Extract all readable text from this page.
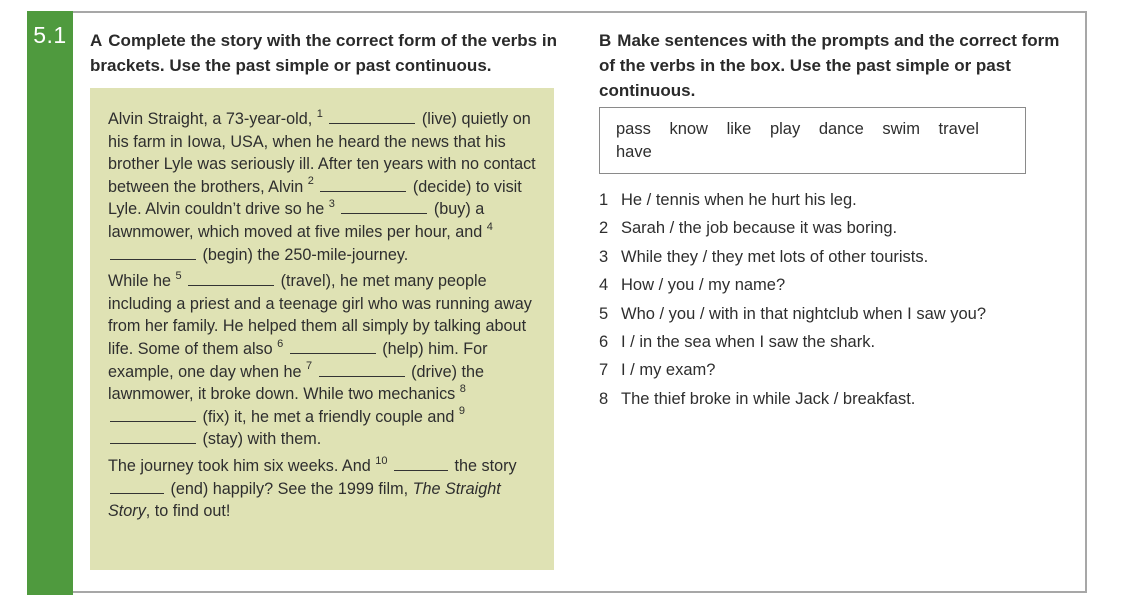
5.1	A Complete the story with the correct form of the verbs in brackets. Use the past simple or past continuous.
B Make sentences with the prompts and the correct form of the verbs in the box. Use the past simple or past continuous.

Alvin Straight, a 73-year-old, $^1$	(live) quietly on his farm in Iowa, USA, when he heard the news that his brother Lyle was seriously ill. After ten years with no contact between the brothers, Alvin $^2$	(decide) to visit Lyle. Alvin couldn’t drive so he $^3$	(buy) a lawnmower, which moved at five miles per hour, and $^4$  (begin) the 250-mile-journey.

While he $^5$	(travel), he met many people including a priest and a teenage girl who was running away from her family. He helped them all simply by talking about life. Some of them also $^6$	(help) him. For example, one day when he $^7$	(drive) the lawnmower, it broke down. While two mechanics $^8$  (fix) it, he met a friendly couple and $^9$  (stay) with them.

The journey took him six weeks. And $^{10}$	the story  (end) happily? See the 1999 film, The Straight Story, to find out!

pass know like play dance swim travel
have
1 He / tennis when he hurt his leg.
2 Sarah / the job because it was boring.
3 While they / they met lots of other tourists.
4 How / you / my name?
5 Who / you / with in that nightclub when I saw you?
6 I / in the sea when I saw the shark.
7 I / my exam?
8 The thief broke in while Jack / breakfast.
